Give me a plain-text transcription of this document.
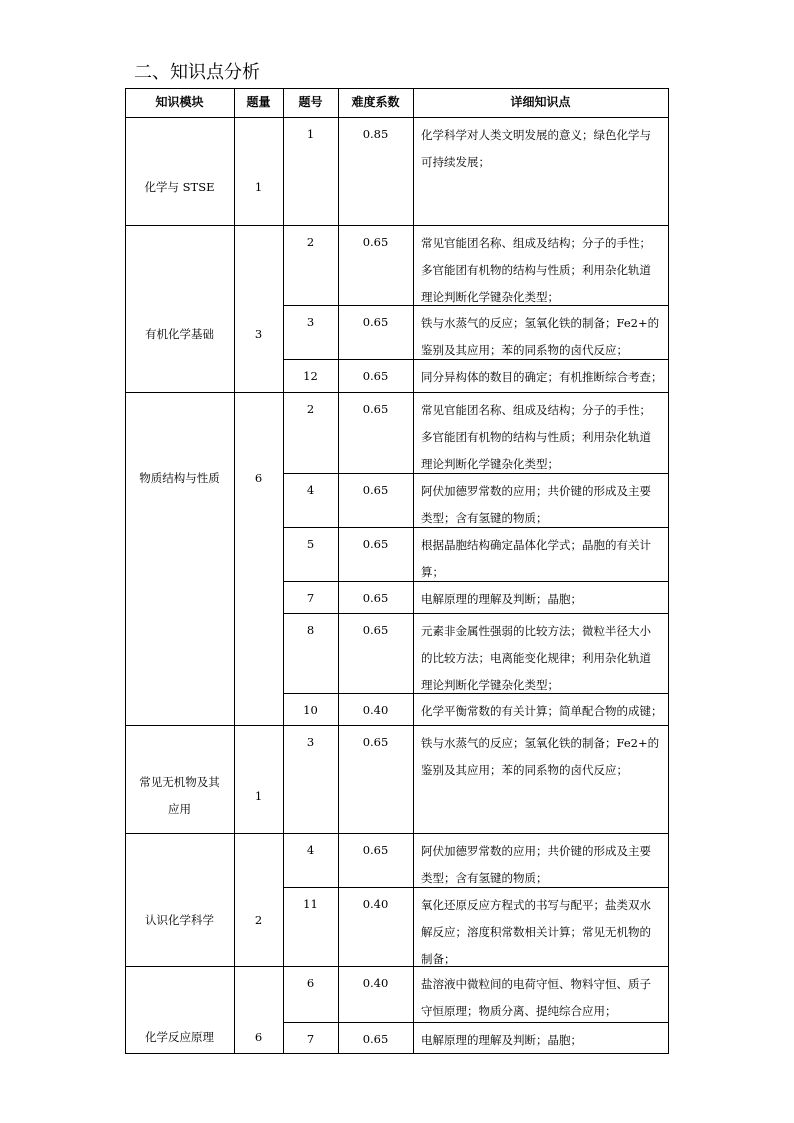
二、知识点分析
知识模块	题量	题号	难度系数	详细知识点
化学与 STSE	1
1	0.85	化学科学对人类文明发展的意义；绿色化学与
可持续发展；
有机化学基础	3
2	0.65	常见官能团名称、组成及结构；分子的手性；
多官能团有机物的结构与性质；利用杂化轨道
理论判断化学键杂化类型；
3	0.65	铁与水蒸气的反应；氢氧化铁的制备；Fe2+的
鉴别及其应用；苯的同系物的卤代反应；
12	0.65	同分异构体的数目的确定；有机推断综合考查；
物质结构与性质	6
2	0.65	常见官能团名称、组成及结构；分子的手性；
多官能团有机物的结构与性质；利用杂化轨道
理论判断化学键杂化类型；
4	0.65	阿伏加德罗常数的应用；共价键的形成及主要
类型；含有氢键的物质；
5	0.65	根据晶胞结构确定晶体化学式；晶胞的有关计
算；
7	0.65	电解原理的理解及判断；晶胞；
8	0.65	元素非金属性强弱的比较方法；微粒半径大小
的比较方法；电离能变化规律；利用杂化轨道
理论判断化学键杂化类型；
10	0.40	化学平衡常数的有关计算；简单配合物的成键；
常见无机物及其
应用
1
3	0.65	铁与水蒸气的反应；氢氧化铁的制备；Fe2+的
鉴别及其应用；苯的同系物的卤代反应；
认识化学科学	2
4	0.65	阿伏加德罗常数的应用；共价键的形成及主要
类型；含有氢键的物质；
11	0.40	氧化还原反应方程式的书写与配平；盐类双水
解反应；溶度积常数相关计算；常见无机物的
制备；
化学反应原理	6
6	0.40	盐溶液中微粒间的电荷守恒、物料守恒、质子
守恒原理；物质分离、提纯综合应用；
7	0.65	电解原理的理解及判断；晶胞；
